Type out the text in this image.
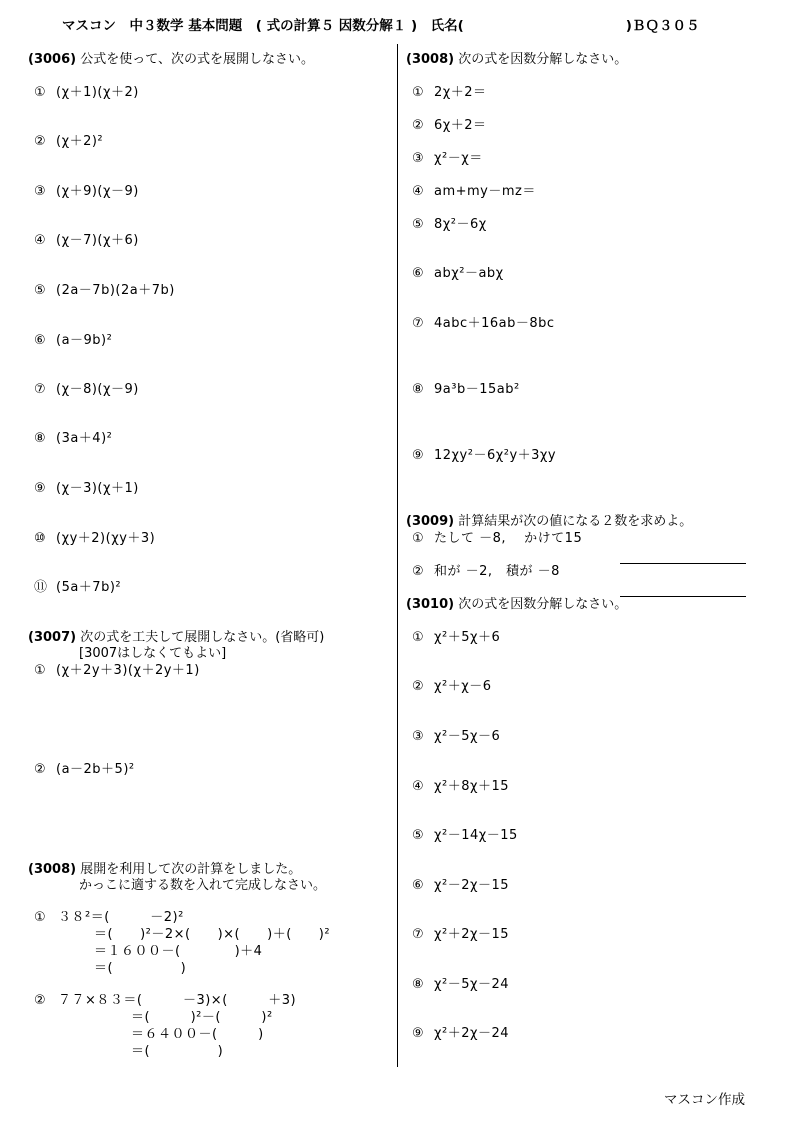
マスコン　中３数学 基本問題　( 式の計算５ 因数分解１ )　氏名(　　　　　　　　　　　　)ＢＱ３０５
(3006) 公式を使って、次の式を展開しなさい。
① (χ＋1)(χ＋2)
② (χ＋2)²
③ (χ＋9)(χ－9)
④ (χ－7)(χ＋6)
⑤ (2a－7b)(2a＋7b)
⑥ (a－9b)²
⑦ (χ－8)(χ－9)
⑧ (3a＋4)²
⑨ (χ－3)(χ＋1)
⑩ (χy＋2)(χy＋3)
⑪ (5a＋7b)²
(3007) 次の式を工夫して展開しなさい。(省略可)
[3007はしなくてもよい]
① (χ＋2y＋3)(χ＋2y＋1)
② (a－2b＋5)²
(3008) 展開を利用して次の計算をしました。
かっこに適する数を入れて完成しなさい。
① ３８²＝(　　　－2)²
＝(　　)²－2×(　　)×(　　)＋(　　)²
＝１６００－(　　　　)＋4
＝(　　　　　)
② ７７×８３＝(　　　－3)×(　　　＋3)
＝(　　　)²－(　　　)²
＝６４００－(　　　)
＝(　　　　　)
(3008) 次の式を因数分解しなさい。
① 2χ＋2＝
② 6χ＋2＝
③ χ²－χ＝
④ am+my－mz＝
⑤ 8χ²－6χ
⑥ abχ²－abχ
⑦ 4abc＋16ab－8bc
⑧ 9a³b－15ab²
⑨ 12χy²－6χ²y＋3χy
(3009) 計算結果が次の値になる２数を求めよ。
① たして －8,　 かけて15
② 和が －2,　積が －8
(3010) 次の式を因数分解しなさい。
① χ²＋5χ＋6
② χ²＋χ－6
③ χ²－5χ－6
④ χ²＋8χ＋15
⑤ χ²－14χ－15
⑥ χ²－2χ－15
⑦ χ²＋2χ－15
⑧ χ²－5χ－24
⑨ χ²＋2χ－24
マスコン作成
